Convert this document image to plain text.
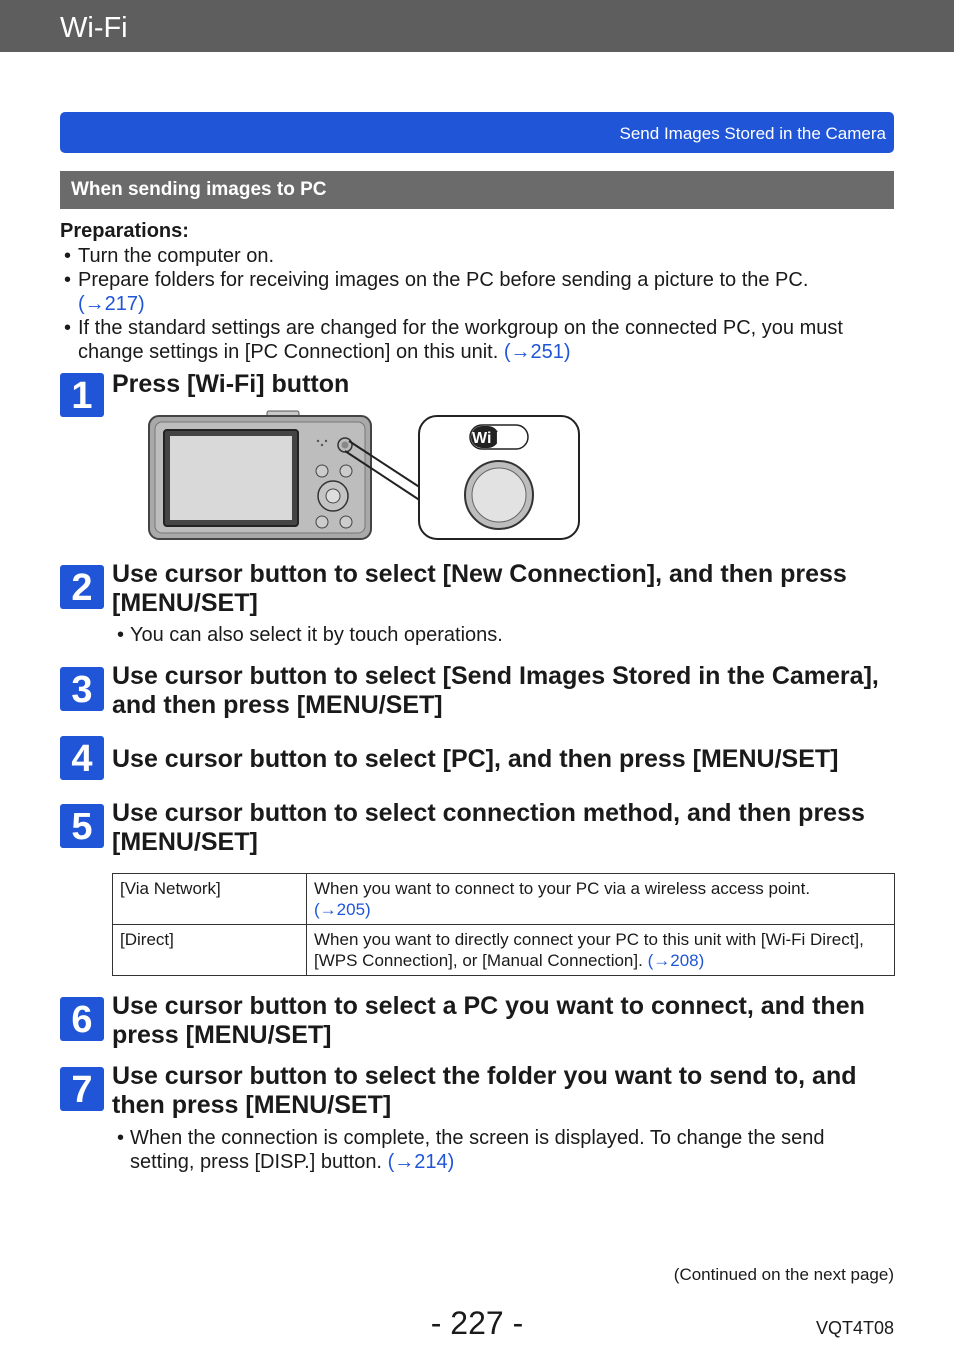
Wi-Fi
Send Images Stored in the Camera
When sending images to PC
Preparations:
• Turn the computer on.
• Prepare folders for receiving images on the PC before sending a picture to the PC.
(→217)
• If the standard settings are changed for the workgroup on the connected PC, you must change settings in [PC Connection] on this unit. (→251)
1 Press [Wi-Fi] button
Wi Fi
2 Use cursor button to select [New Connection], and then press [MENU/SET]
• You can also select it by touch operations.
3 Use cursor button to select [Send Images Stored in the Camera], and then press [MENU/SET]
4 Use cursor button to select [PC], and then press [MENU/SET]
5 Use cursor button to select connection method, and then press [MENU/SET]
[Via Network]	When you want to connect to your PC via a wireless access point.
(→205)
[Direct]	When you want to directly connect your PC to this unit with [Wi-Fi Direct], [WPS Connection], or [Manual Connection]. (→208)
6 Use cursor button to select a PC you want to connect, and then press [MENU/SET]
7 Use cursor button to select the folder you want to send to, and then press [MENU/SET]
• When the connection is complete, the screen is displayed. To change the send setting, press [DISP.] button. (→214)
(Continued on the next page)
- 227 -	VQT4T08
